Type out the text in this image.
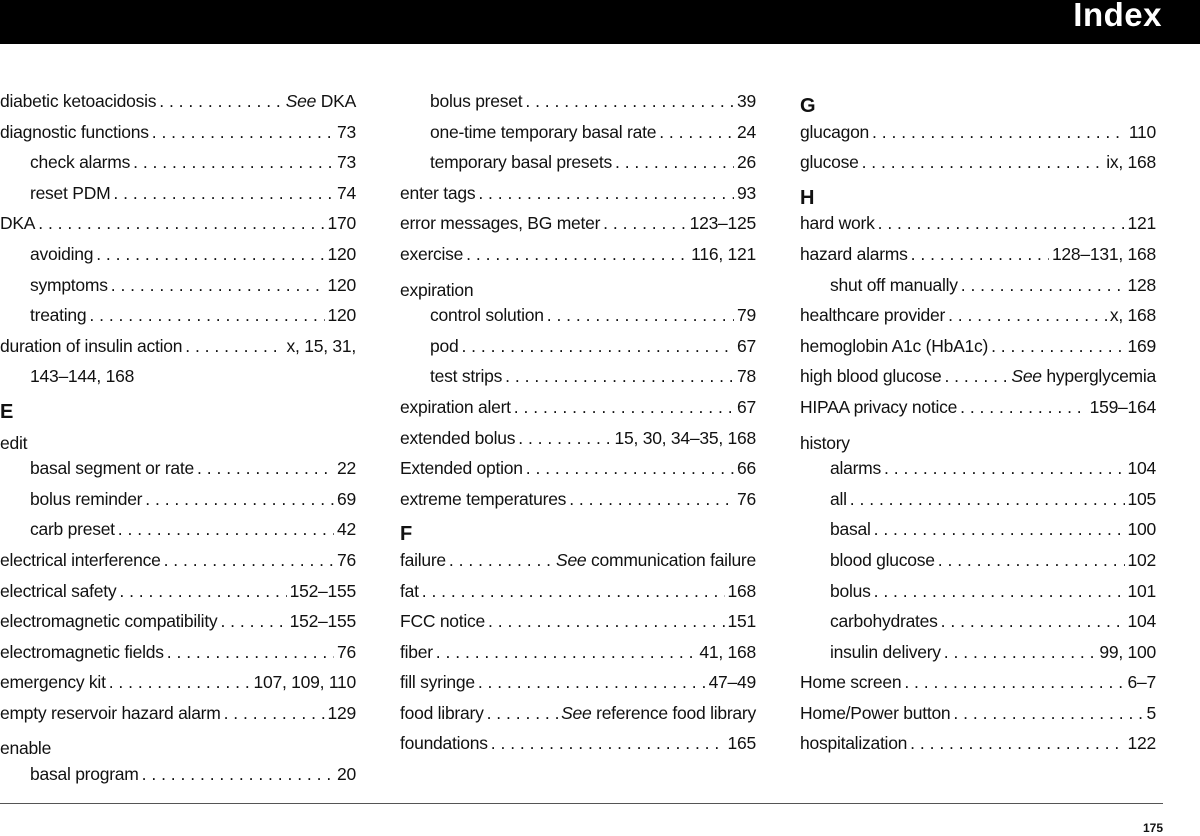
Index
diabetic ketoacidosis . . .	See DKA
diagnostic functions . . .	73
check alarms . . .	73
reset PDM . . .	74
DKA . . .	170
avoiding . . .	120
symptoms . . .	120
treating . . .	120
duration of insulin action . . .	x, 15, 31,
143–144, 168
E
edit
basal segment or rate . . .	22
bolus reminder . . .	69
carb preset . . .	42
electrical interference . . .	76
electrical safety . . .	152–155
electromagnetic compatibility . . .	152–155
electromagnetic fields . . .	76
emergency kit . . .	107, 109, 110
empty reservoir hazard alarm . . .	129
enable
basal program . . .	20
bolus preset . . .	39
one-time temporary basal rate . . .	24
temporary basal presets . . .	26
enter tags . . .	93
error messages, BG meter . . .	123–125
exercise . . .	116, 121
expiration
control solution . . .	79
pod . . .	67
test strips . . .	78
expiration alert . . .	67
extended bolus . . .	15, 30, 34–35, 168
Extended option . . .	66
extreme temperatures . . .	76
F
failure . . .	See communication failure
fat . . .	168
FCC notice . . .	151
fiber . . .	41, 168
fill syringe . . .	47–49
food library . . .	See reference food library
foundations . . .	165
G
glucagon . . .	110
glucose . . .	ix, 168
H
hard work . . .	121
hazard alarms . . .	128–131, 168
shut off manually . . .	128
healthcare provider . . .	x, 168
hemoglobin A1c (HbA1c) . . .	169
high blood glucose . . .	See hyperglycemia
HIPAA privacy notice . . .	159–164
history
alarms . . .	104
all . . .	105
basal . . .	100
blood glucose . . .	102
bolus . . .	101
carbohydrates . . .	104
insulin delivery . . .	99, 100
Home screen . . .	6–7
Home/Power button . . .	5
hospitalization . . .	122
175
